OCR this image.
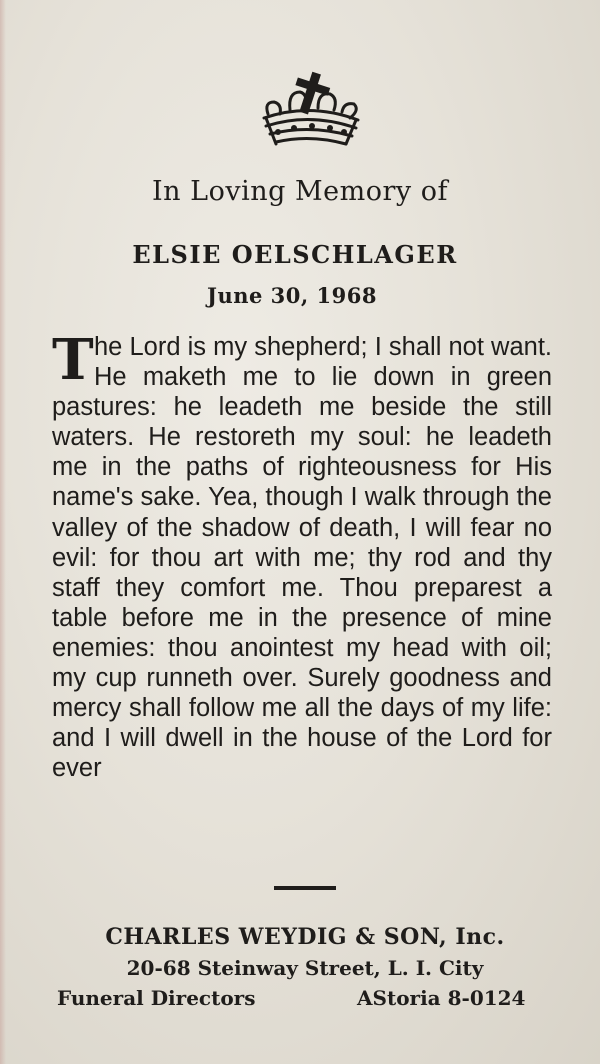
In Loving Memory of
ELSIE OELSCHLAGER
June 30, 1968
The Lord is my shepherd; I shall not want. He maketh me to lie down in green pastures: he leadeth me beside the still waters. He restoreth my soul: he leadeth me in the paths of righteousness for His name's sake. Yea, though I walk through the valley of the shadow of death, I will fear no evil: for thou art with me; thy rod and thy staff they comfort me. Thou preparest a table before me in the presence of mine enemies: thou anointest my head with oil; my cup runneth over. Surely goodness and mercy shall follow me all the days of my life: and I will dwell in the house of the Lord for ever
CHARLES WEYDIG & SON, Inc.
20-68 Steinway Street, L. I. City
Funeral Directors	AStoria 8-0124
